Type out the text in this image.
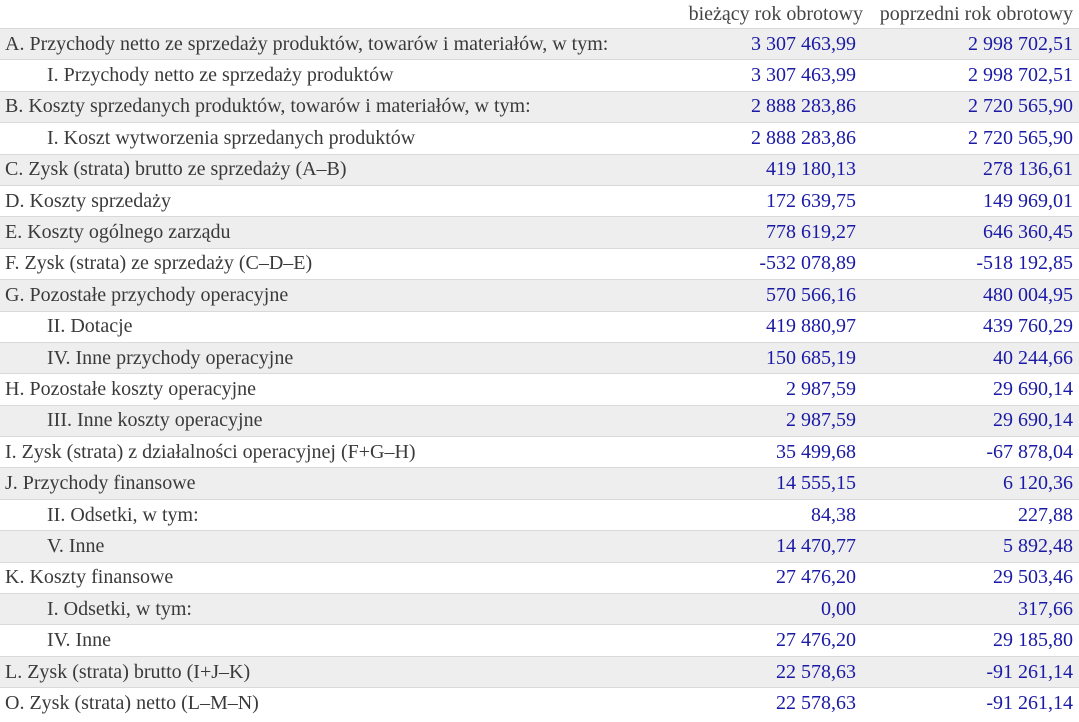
	bieżący rok obrotowy	poprzedni rok obrotowy
A. Przychody netto ze sprzedaży produktów, towarów i materiałów, w tym:	3 307 463,99	2 998 702,51
I. Przychody netto ze sprzedaży produktów	3 307 463,99	2 998 702,51
B. Koszty sprzedanych produktów, towarów i materiałów, w tym:	2 888 283,86	2 720 565,90
I. Koszt wytworzenia sprzedanych produktów	2 888 283,86	2 720 565,90
C. Zysk (strata) brutto ze sprzedaży (A–B)	419 180,13	278 136,61
D. Koszty sprzedaży	172 639,75	149 969,01
E. Koszty ogólnego zarządu	778 619,27	646 360,45
F. Zysk (strata) ze sprzedaży (C–D–E)	-532 078,89	-518 192,85
G. Pozostałe przychody operacyjne	570 566,16	480 004,95
II. Dotacje	419 880,97	439 760,29
IV. Inne przychody operacyjne	150 685,19	40 244,66
H. Pozostałe koszty operacyjne	2 987,59	29 690,14
III. Inne koszty operacyjne	2 987,59	29 690,14
I. Zysk (strata) z działalności operacyjnej (F+G–H)	35 499,68	-67 878,04
J. Przychody finansowe	14 555,15	6 120,36
II. Odsetki, w tym:	84,38	227,88
V. Inne	14 470,77	5 892,48
K. Koszty finansowe	27 476,20	29 503,46
I. Odsetki, w tym:	0,00	317,66
IV. Inne	27 476,20	29 185,80
L. Zysk (strata) brutto (I+J–K)	22 578,63	-91 261,14
O. Zysk (strata) netto (L–M–N)	22 578,63	-91 261,14
